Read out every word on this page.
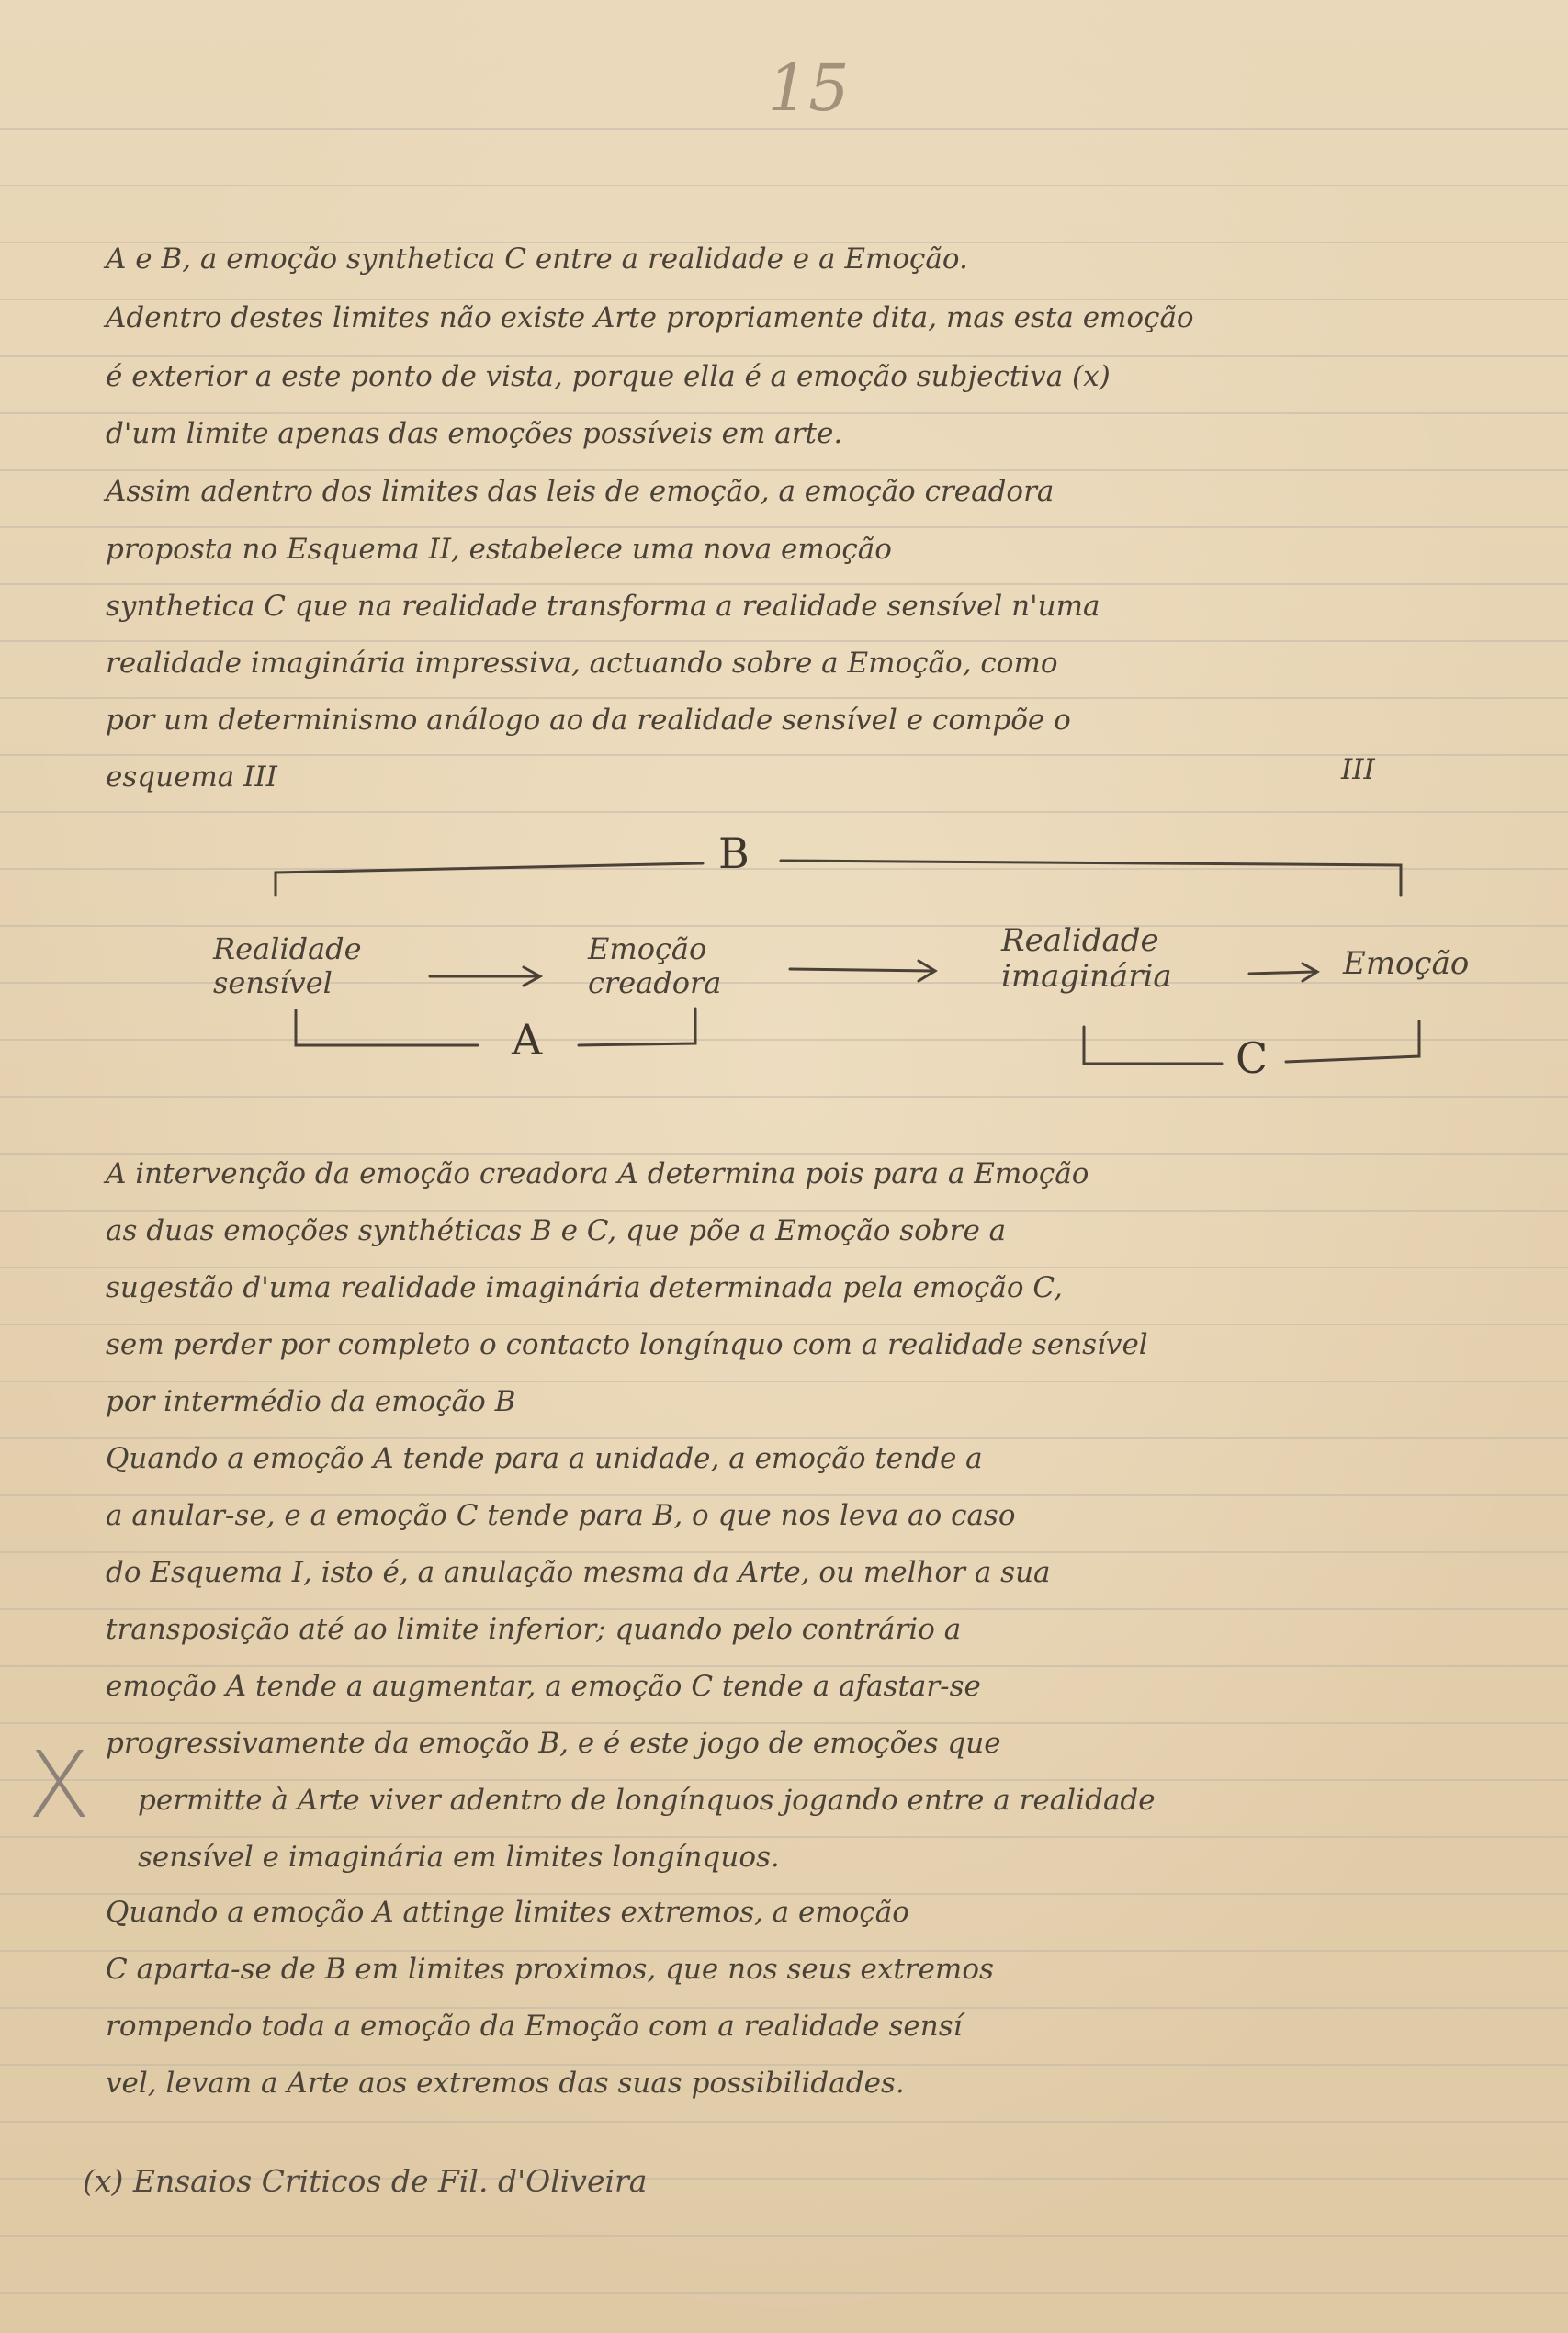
15
A e B, a emoção synthetica C entre a realidade e a Emoção.
Adentro destes limites não existe Arte propriamente dita, mas esta emoção
é exterior a este ponto de vista, porque ella é a emoção subjectiva (x)
d'um limite apenas das emoções possíveis em arte.
Assim adentro dos limites das leis de emoção, a emoção creadora
proposta no Esquema II, estabelece uma nova emoção
synthetica C que na realidade transforma a realidade sensível n'uma
realidade imaginária impressiva, actuando sobre a Emoção, como
por um determinismo análogo ao da realidade sensível e compõe o
esquema III	III
B
A	C
Realidade
sensível
Emoção
creadora
Realidade
imaginária	Emoção
A intervenção da emoção creadora A determina pois para a Emoção
as duas emoções synthéticas B e C, que põe a Emoção sobre a
sugestão d'uma realidade imaginária determinada pela emoção C,
sem perder por completo o contacto longínquo com a realidade sensível
por intermédio da emoção B
Quando a emoção A tende para a unidade, a emoção tende a
a anular-se, e a emoção C tende para B, o que nos leva ao caso
do Esquema I, isto é, a anulação mesma da Arte, ou melhor a sua
transposição até ao limite inferior; quando pelo contrário a
emoção A tende a augmentar, a emoção C tende a afastar-se
progressivamente da emoção B, e é este jogo de emoções que
permitte à Arte viver adentro de longínquos jogando entre a realidade
sensível e imaginária em limites longínquos.
X
Quando a emoção A attinge limites extremos, a emoção
C aparta-se de B em limites proximos, que nos seus extremos
rompendo toda a emoção da Emoção com a realidade sensí
vel, levam a Arte aos extremos das suas possibilidades.
(x) Ensaios Criticos de Fil. d'Oliveira
